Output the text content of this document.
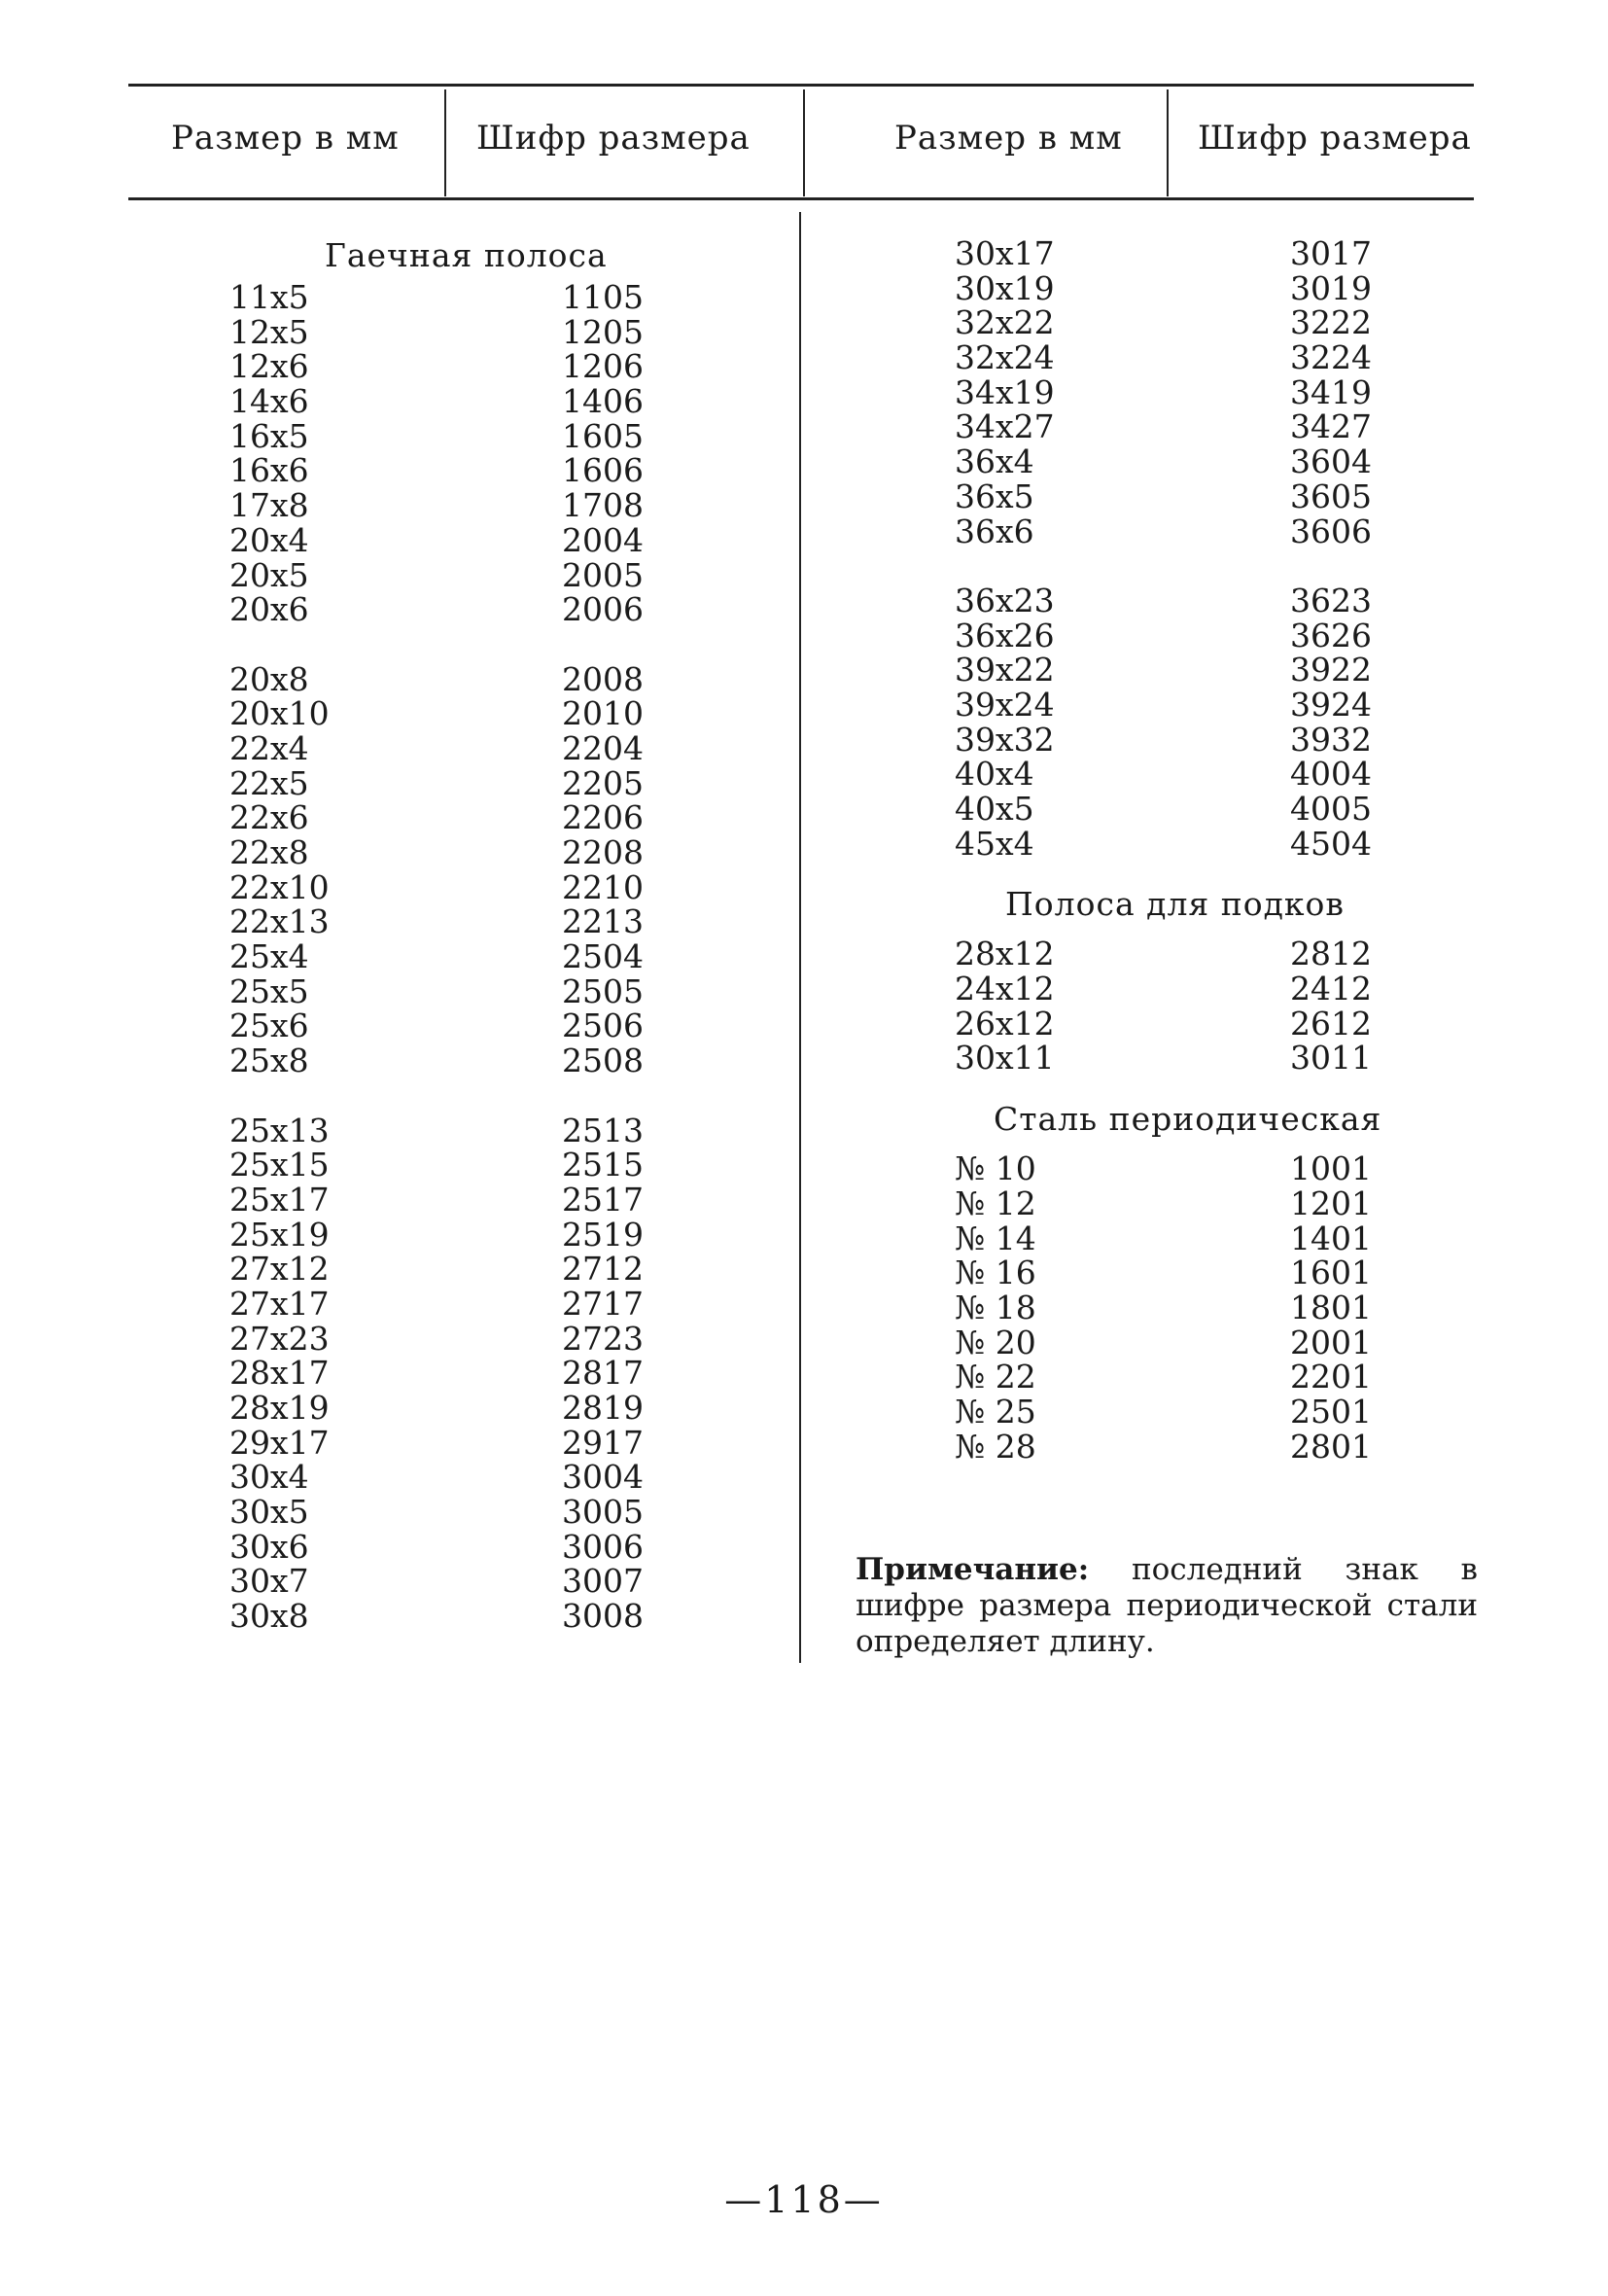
Размер в мм Шифр размера	Размер в мм Шифр размера
Гаечная полоса
11x5	1105
12x5	1205
12x6	1206
14x6	1406
16x5	1605
16x6	1606
17x8	1708
20x4	2004
20x5	2005
20x6	2006
20x8	2008
20x10	2010
22x4	2204
22x5	2205
22x6	2206
22x8	2208
22x10	2210
22x13	2213
25x4	2504
25x5	2505
25x6	2506
25x8	2508
25x13	2513
25x15	2515
25x17	2517
25x19	2519
27x12	2712
27x17	2717
27x23	2723
28x17	2817
28x19	2819
29x17	2917
30x4	3004
30x5	3005
30x6	3006
30x7	3007
30x8	3008
30x17	3017
30x19	3019
32x22	3222
32x24	3224
34x19	3419
34x27	3427
36x4	3604
36x5	3605
36x6	3606
36x23	3623
36x26	3626
39x22	3922
39x24	3924
39x32	3932
40x4	4004
40x5	4005
45x4	4504
Полоса для подков
28x12	2812
24x12	2412
26x12	2612
30x11	3011
Сталь периодическая
№ 10	1001
№ 12	1201
№ 14	1401
№ 16	1601
№ 18	1801
№ 20	2001
№ 22	2201
№ 25	2501
№ 28	2801
Примечание: последний знак в шифре размера периодической стали определяет длину.
—118—
